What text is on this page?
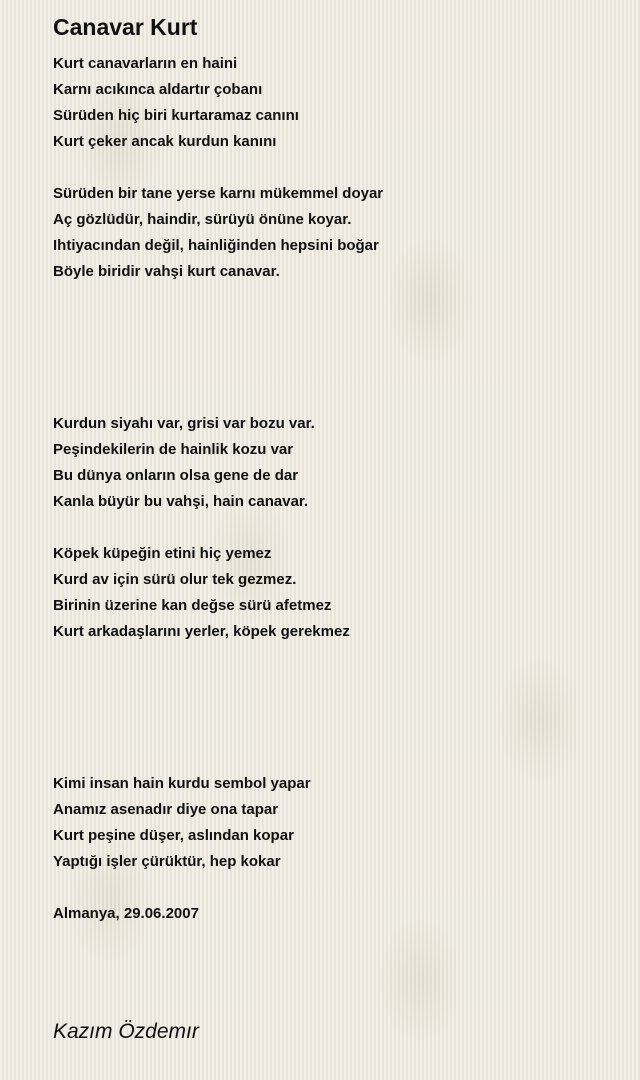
Canavar Kurt
Kurt canavarların en haini
Karnı acıkınca aldartır çobanı
Sürüden hiç biri kurtaramaz canını
Kurt çeker ancak kurdun kanını
Sürüden bir tane yerse karnı mükemmel doyar
Aç gözlüdür, haindir, sürüyü önüne koyar.
Ihtiyacından değil, hainliğinden hepsini boğar
Böyle biridir vahşi kurt canavar.
Kurdun siyahı var, grisi var bozu var.
Peşindekilerin de hainlik kozu var
Bu dünya onların olsa gene de dar
Kanla büyür bu vahşi, hain canavar.
Köpek küpeğin etini hiç yemez
Kurd av için sürü olur tek gezmez.
Birinin üzerine kan değse sürü afetmez
Kurt arkadaşlarını yerler, köpek gerekmez
Kimi insan hain kurdu sembol yapar
Anamız asenadır diye ona tapar
Kurt peşine düşer, aslından kopar
Yaptığı işler çürüktür, hep kokar
Almanya, 29.06.2007
Kazım Özdemır
